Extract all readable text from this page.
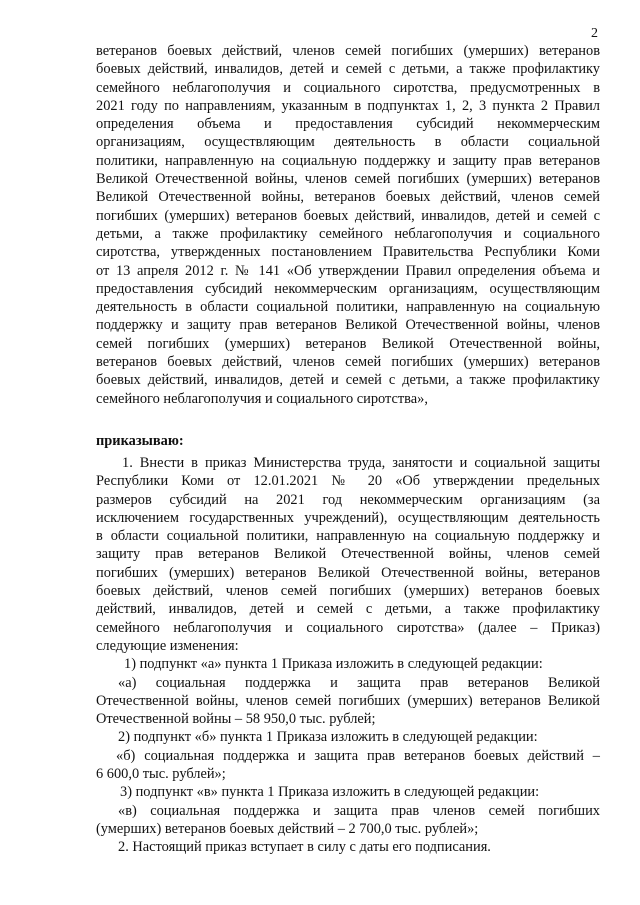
2
ветеранов боевых действий, членов семей погибших (умерших) ветеранов
боевых действий, инвалидов, детей и семей с детьми, а также профилактику
семейного неблагополучия и социального сиротства, предусмотренных в
2021 году по направлениям, указанным в подпунктах 1, 2, 3 пункта 2 Правил
определения объема и предоставления субсидий некоммерческим
организациям, осуществляющим деятельность в области социальной
политики, направленную на социальную поддержку и защиту прав ветеранов
Великой Отечественной войны, членов семей погибших (умерших) ветеранов
Великой Отечественной войны, ветеранов боевых действий, членов семей
погибших (умерших) ветеранов боевых действий, инвалидов, детей и семей с
детьми, а также профилактику семейного неблагополучия и социального
сиротства, утвержденных постановлением Правительства Республики Коми
от 13 апреля 2012 г. № 141 «Об утверждении Правил определения объема и
предоставления субсидий некоммерческим организациям, осуществляющим
деятельность в области социальной политики, направленную на социальную
поддержку и защиту прав ветеранов Великой Отечественной войны, членов
семей погибших (умерших) ветеранов Великой Отечественной войны,
ветеранов боевых действий, членов семей погибших (умерших) ветеранов
боевых действий, инвалидов, детей и семей с детьми, а также профилактику
семейного неблагополучия и социального сиротства»,
приказываю:
1. Внести в приказ Министерства труда, занятости и социальной защиты
Республики Коми от 12.01.2021 № 20 «Об утверждении предельных
размеров субсидий на 2021 год некоммерческим организациям (за
исключением государственных учреждений), осуществляющим деятельность
в области социальной политики, направленную на социальную поддержку и
защиту прав ветеранов Великой Отечественной войны, членов семей
погибших (умерших) ветеранов Великой Отечественной войны, ветеранов
боевых действий, членов семей погибших (умерших) ветеранов боевых
действий, инвалидов, детей и семей с детьми, а также профилактику
семейного неблагополучия и социального сиротства» (далее – Приказ)
следующие изменения:
1) подпункт «а» пункта 1 Приказа изложить в следующей редакции:
«а) социальная поддержка и защита прав ветеранов Великой
Отечественной войны, членов семей погибших (умерших) ветеранов Великой
Отечественной войны – 58 950,0 тыс. рублей;
2) подпункт «б» пункта 1 Приказа изложить в следующей редакции:
«б) социальная поддержка и защита прав ветеранов боевых действий –
6 600,0 тыс. рублей»;
3) подпункт «в» пункта 1 Приказа изложить в следующей редакции:
«в) социальная поддержка и защита прав членов семей погибших
(умерших) ветеранов боевых действий – 2 700,0 тыс. рублей»;
2. Настоящий приказ вступает в силу с даты его подписания.
